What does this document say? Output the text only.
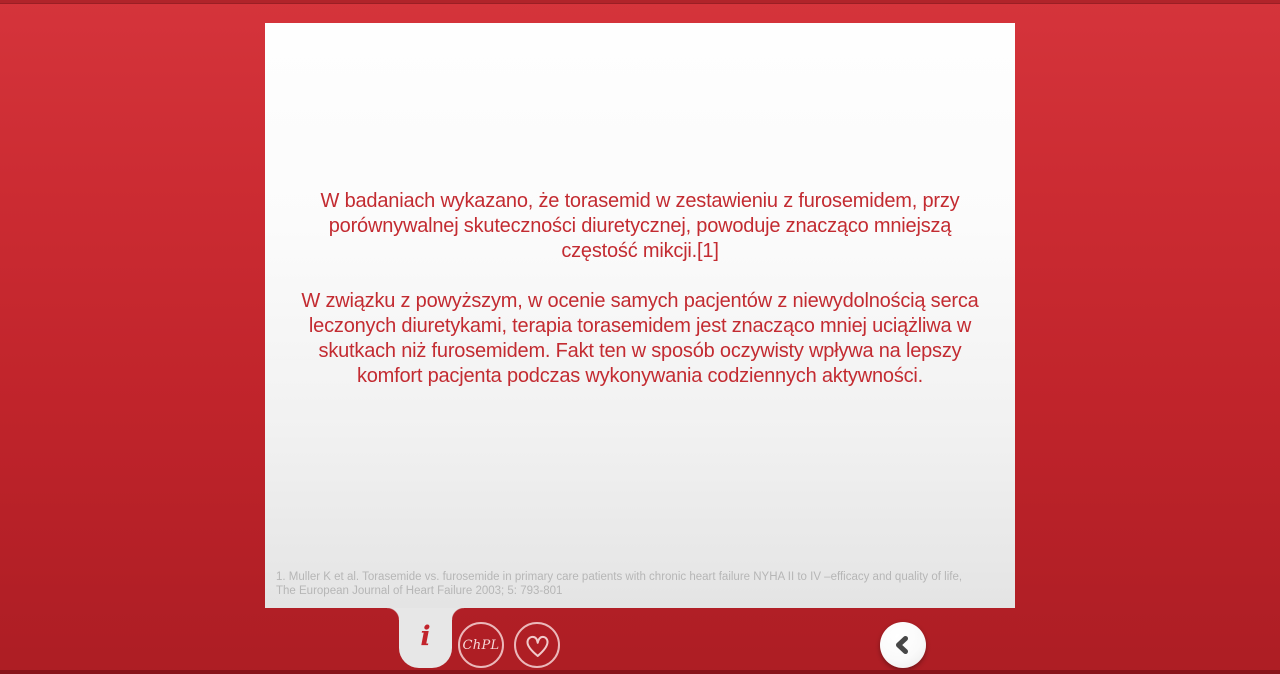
W badaniach wykazano, że torasemid w zestawieniu z furosemidem, przy porównywalnej skuteczności diuretycznej, powoduje znacząco mniejszą częstość mikcji.[1]

W związku z powyższym, w ocenie samych pacjentów z niewydolnością serca leczonych diuretykami, terapia torasemidem jest znacząco mniej uciążliwa w skutkach niż furosemidem. Fakt ten w sposób oczywisty wpływa na lepszy komfort pacjenta podczas wykonywania codziennych aktywności.

1. Muller K et al. Torasemide vs. furosemide in primary care patients with chronic heart failure NYHA II to IV –efficacy and quality of life,
The European Journal of Heart Failure 2003; 5: 793-801
i ChPL
